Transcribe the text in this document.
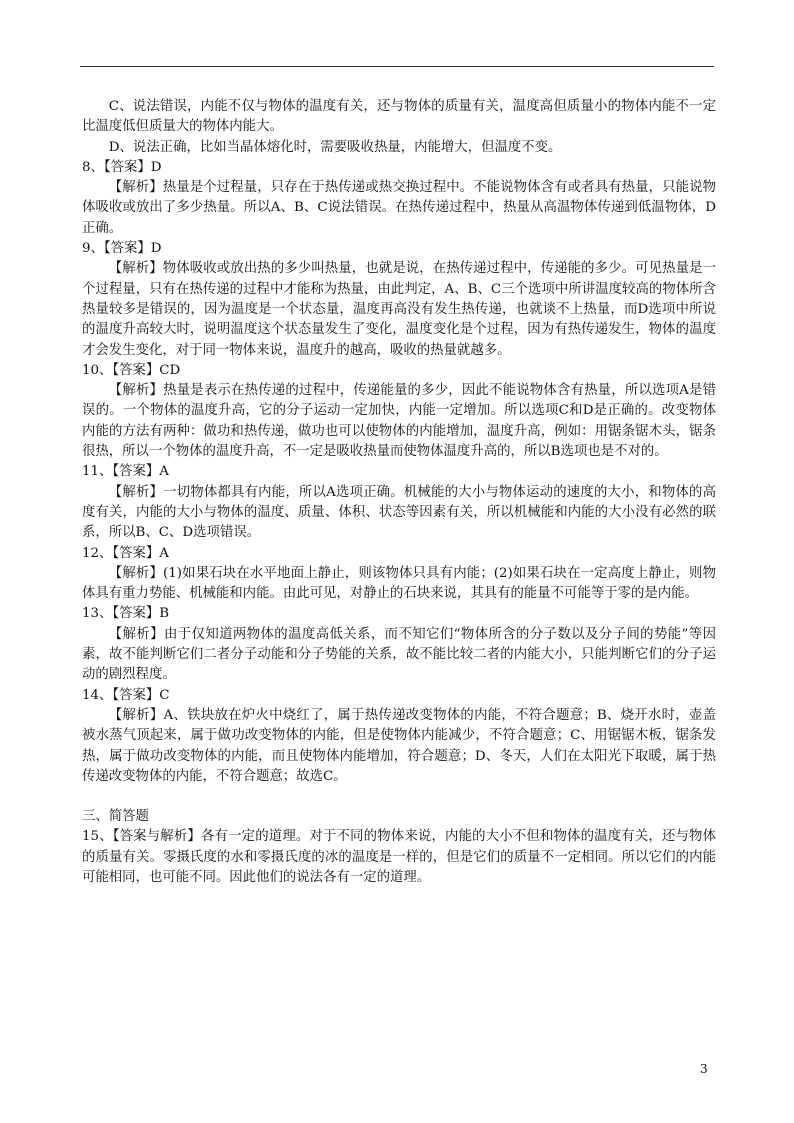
C、说法错误，内能不仅与物体的温度有关，还与物体的质量有关，温度高但质量小的物体内能不一定比温度低但质量大的物体内能大。

D、说法正确，比如当晶体熔化时，需要吸收热量，内能增大，但温度不变。

8、【答案】D

【解析】热量是个过程量，只存在于热传递或热交换过程中。不能说物体含有或者具有热量，只能说物体吸收或放出了多少热量。所以A、B、C说法错误。在热传递过程中，热量从高温物体传递到低温物体，D正确。

9、【答案】D

【解析】物体吸收或放出热的多少叫热量，也就是说，在热传递过程中，传递能的多少。可见热量是一个过程量，只有在热传递的过程中才能称为热量，由此判定，A、B、C三个选项中所讲温度较高的物体所含热量较多是错误的，因为温度是一个状态量，温度再高没有发生热传递，也就谈不上热量，而D选项中所说的温度升高较大时，说明温度这个状态量发生了变化，温度变化是个过程，因为有热传递发生，物体的温度才会发生变化，对于同一物体来说，温度升的越高，吸收的热量就越多。

10、【答案】CD

【解析】热量是表示在热传递的过程中，传递能量的多少，因此不能说物体含有热量，所以选项A是错误的。一个物体的温度升高，它的分子运动一定加快，内能一定增加。所以选项C和D是正确的。改变物体内能的方法有两种：做功和热传递，做功也可以使物体的内能增加，温度升高，例如：用锯条锯木头，锯条很热，所以一个物体的温度升高，不一定是吸收热量而使物体温度升高的，所以B选项也是不对的。

11、【答案】A

【解析】一切物体都具有内能，所以A选项正确。机械能的大小与物体运动的速度的大小，和物体的高度有关，内能的大小与物体的温度、质量、体积、状态等因素有关，所以机械能和内能的大小没有必然的联系，所以B、C、D选项错误。

12、【答案】A

【解析】(1)如果石块在水平地面上静止，则该物体只具有内能；(2)如果石块在一定高度上静止，则物体具有重力势能、机械能和内能。由此可见，对静止的石块来说，其具有的能量不可能等于零的是内能。

13、【答案】B

【解析】由于仅知道两物体的温度高低关系，而不知它们“物体所含的分子数以及分子间的势能”等因素，故不能判断它们二者分子动能和分子势能的关系，故不能比较二者的内能大小，只能判断它们的分子运动的剧烈程度。

14、【答案】C

【解析】A、铁块放在炉火中烧红了，属于热传递改变物体的内能，不符合题意；B、烧开水时，壶盖被水蒸气顶起来，属于做功改变物体的内能，但是使物体内能减少，不符合题意；C、用锯锯木板，锯条发热，属于做功改变物体的内能，而且使物体内能增加，符合题意；D、冬天，人们在太阳光下取暖，属于热传递改变物体的内能，不符合题意；故选C。

三、简答题

15、【答案与解析】各有一定的道理。对于不同的物体来说，内能的大小不但和物体的温度有关，还与物体的质量有关。零摄氏度的水和零摄氏度的冰的温度是一样的，但是它们的质量不一定相同。所以它们的内能可能相同，也可能不同。因此他们的说法各有一定的道理。

3
